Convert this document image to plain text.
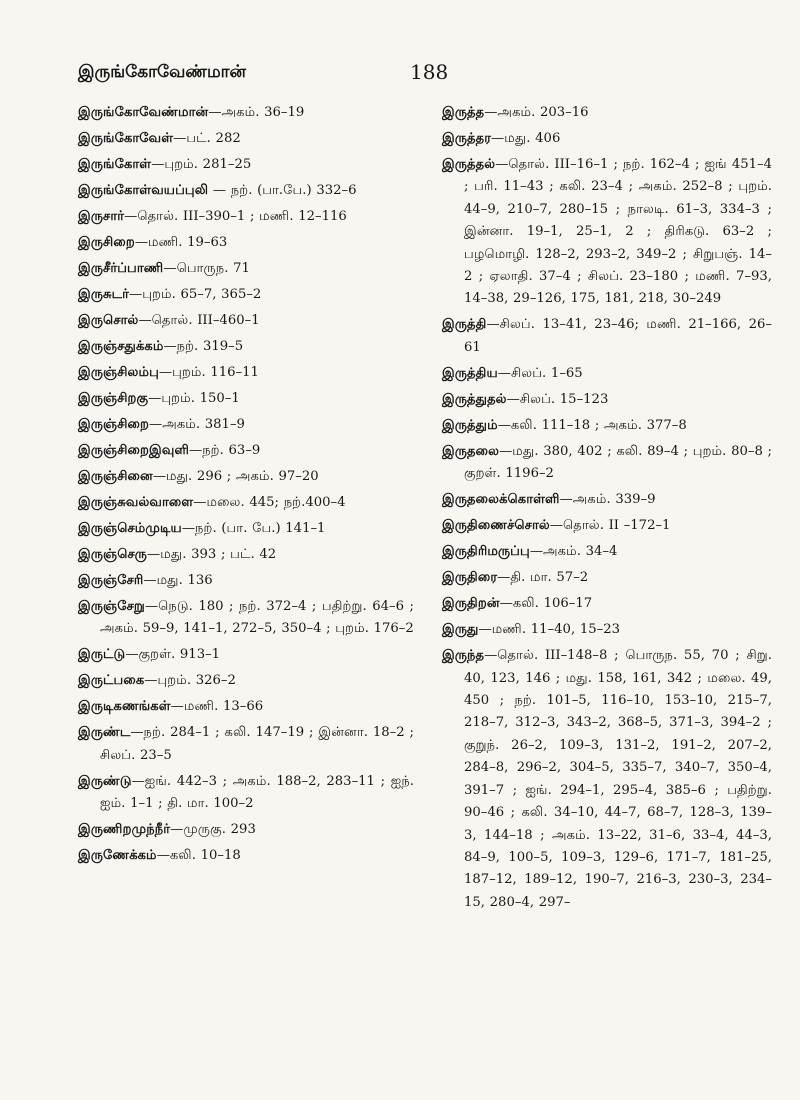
இருங்கோவேண்மான்	188

இருங்கோவேண்மான்—அகம். 36–19

இருங்கோவேள்—பட். 282

இருங்கோள்—புறம். 281–25

இருங்கோள்வயப்புலி — நற். (பா.பே.) 332–6

இருசார்—தொல். III–390–1 ; மணி. 12–116

இருசிறை—மணி. 19–63

இருசீர்ப்பாணி—பொருந. 71

இருசுடர்—புறம். 65–7, 365–2

இருசொல்—தொல். III–460–1

இருஞ்சதுக்கம்—நற். 319–5

இருஞ்சிலம்பு—புறம். 116–11

இருஞ்சிறகு—புறம். 150–1

இருஞ்சிறை—அகம். 381–9

இருஞ்சிறைஇவுளி—நற். 63–9

இருஞ்சினை—மது. 296 ; அகம். 97–20

இருஞ்சுவல்வாளை—மலை. 445; நற்.400–4

இருஞ்செம்முடிய—நற். (பா. பே.) 141–1

இருஞ்செரு—மது. 393 ; பட். 42

இருஞ்சேரி—மது. 136

இருஞ்சேறு—நெடு. 180 ; நற். 372–4 ; பதிற்று. 64–6 ; அகம். 59–9, 141–1, 272–5, 350–4 ; புறம். 176–2

இருட்டு—குறள். 913–1

இருட்பகை—புறம். 326–2

இருடிகணங்கள்—மணி. 13–66

இருண்ட—நற். 284–1 ; கலி. 147–19 ; இன்னா. 18–2 ; சிலப். 23–5

இருண்டு—ஐங். 442–3 ; அகம். 188–2, 283–11 ; ஐந். ஐம். 1–1 ; தி. மா. 100–2

இருணிறமுந்நீர்—முருகு. 293

இருணேக்கம்—கலி. 10–18

இருத்த—அகம். 203–16

இருத்தர—மது. 406

இருத்தல்—தொல். III–16–1 ; நற். 162–4 ; ஐங் 451–4 ; பரி. 11–43 ; கலி. 23–4 ; அகம். 252–8 ; புறம். 44–9, 210–7, 280–15 ; நாலடி. 61–3, 334–3 ; இன்னா. 19–1, 25–1, 2 ; திரிகடு. 63–2 ; பழமொழி. 128–2, 293–2, 349–2 ; சிறுபஞ். 14–2 ; ஏலாதி. 37–4 ; சிலப். 23–180 ; மணி. 7–93, 14–38, 29–126, 175, 181, 218, 30–249

இருத்தி—சிலப். 13–41, 23–46; மணி. 21–166, 26–61

இருத்திய—சிலப். 1–65

இருத்துதல்—சிலப். 15–123

இருத்தும்—கலி. 111–18 ; அகம். 377–8

இருதலை—மது. 380, 402 ; கலி. 89–4 ; புறம். 80–8 ; குறள். 1196–2

இருதலைக்கொள்ளி—அகம். 339–9

இருதிணைச்சொல்—தொல். II –172–1

இருதிரிமருப்பு—அகம். 34–4

இருதிரை—தி. மா. 57–2

இருதிறன்—கலி. 106–17

இருது—மணி. 11–40, 15–23

இருந்த—தொல். III–148–8 ; பொருந. 55, 70 ; சிறு. 40, 123, 146 ; மது. 158, 161, 342 ; மலை. 49, 450 ; நற். 101–5, 116–10, 153–10, 215–7, 218–7, 312–3, 343–2, 368–5, 371–3, 394–2 ; குறுந். 26–2, 109–3, 131–2, 191–2, 207–2, 284–8, 296–2, 304–5, 335–7, 340–7, 350–4, 391–7 ; ஐங். 294–1, 295–4, 385–6 ; பதிற்று. 90–46 ; கலி. 34–10, 44–7, 68–7, 128–3, 139–3, 144–18 ; அகம். 13–22, 31–6, 33–4, 44–3, 84–9, 100–5, 109–3, 129–6, 171–7, 181–25, 187–12, 189–12, 190–7, 216–3, 230–3, 234–15, 280–4, 297–
